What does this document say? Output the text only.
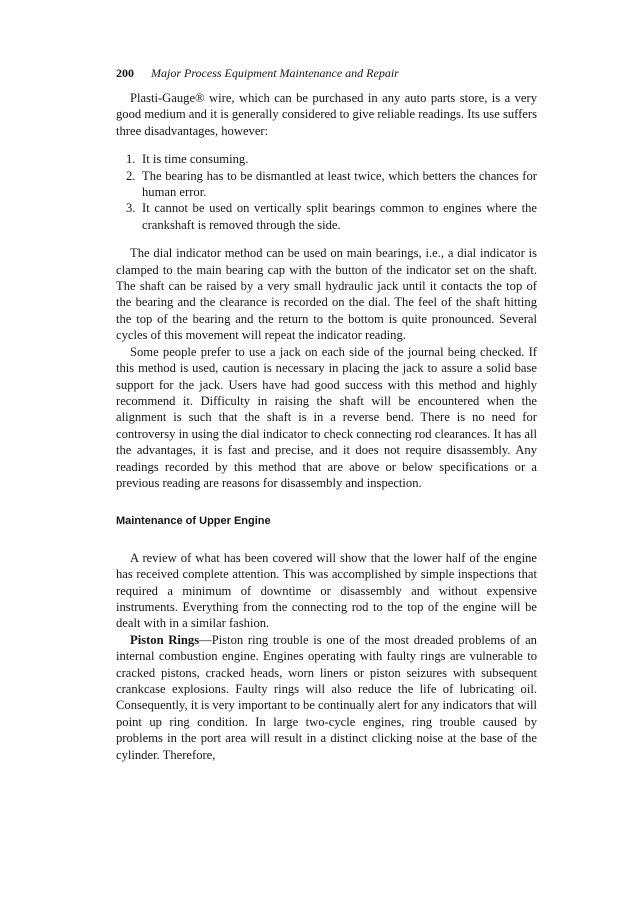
200 Major Process Equipment Maintenance and Repair

Plasti-Gauge® wire, which can be purchased in any auto parts store, is a very good medium and it is generally considered to give reliable readings. Its use suffers three disadvantages, however:

1. It is time consuming.
2. The bearing has to be dismantled at least twice, which betters the chances for human error.
3. It cannot be used on vertically split bearings common to engines where the crankshaft is removed through the side.

The dial indicator method can be used on main bearings, i.e., a dial indicator is clamped to the main bearing cap with the button of the indicator set on the shaft. The shaft can be raised by a very small hydraulic jack until it contacts the top of the bearing and the clearance is recorded on the dial. The feel of the shaft hitting the top of the bearing and the return to the bottom is quite pronounced. Several cycles of this movement will repeat the indicator reading.

Some people prefer to use a jack on each side of the journal being checked. If this method is used, caution is necessary in placing the jack to assure a solid base support for the jack. Users have had good success with this method and highly recommend it. Difficulty in raising the shaft will be encountered when the alignment is such that the shaft is in a reverse bend. There is no need for controversy in using the dial indicator to check connecting rod clearances. It has all the advantages, it is fast and precise, and it does not require disassembly. Any readings recorded by this method that are above or below specifications or a previous reading are reasons for disassembly and inspection.

Maintenance of Upper Engine

A review of what has been covered will show that the lower half of the engine has received complete attention. This was accomplished by simple inspections that required a minimum of downtime or disassembly and without expensive instruments. Everything from the connecting rod to the top of the engine will be dealt with in a similar fashion.

Piston Rings—Piston ring trouble is one of the most dreaded problems of an internal combustion engine. Engines operating with faulty rings are vulnerable to cracked pistons, cracked heads, worn liners or piston seizures with subsequent crankcase explosions. Faulty rings will also reduce the life of lubricating oil. Consequently, it is very important to be continually alert for any indicators that will point up ring condition. In large two-cycle engines, ring trouble caused by problems in the port area will result in a distinct clicking noise at the base of the cylinder. Therefore,
